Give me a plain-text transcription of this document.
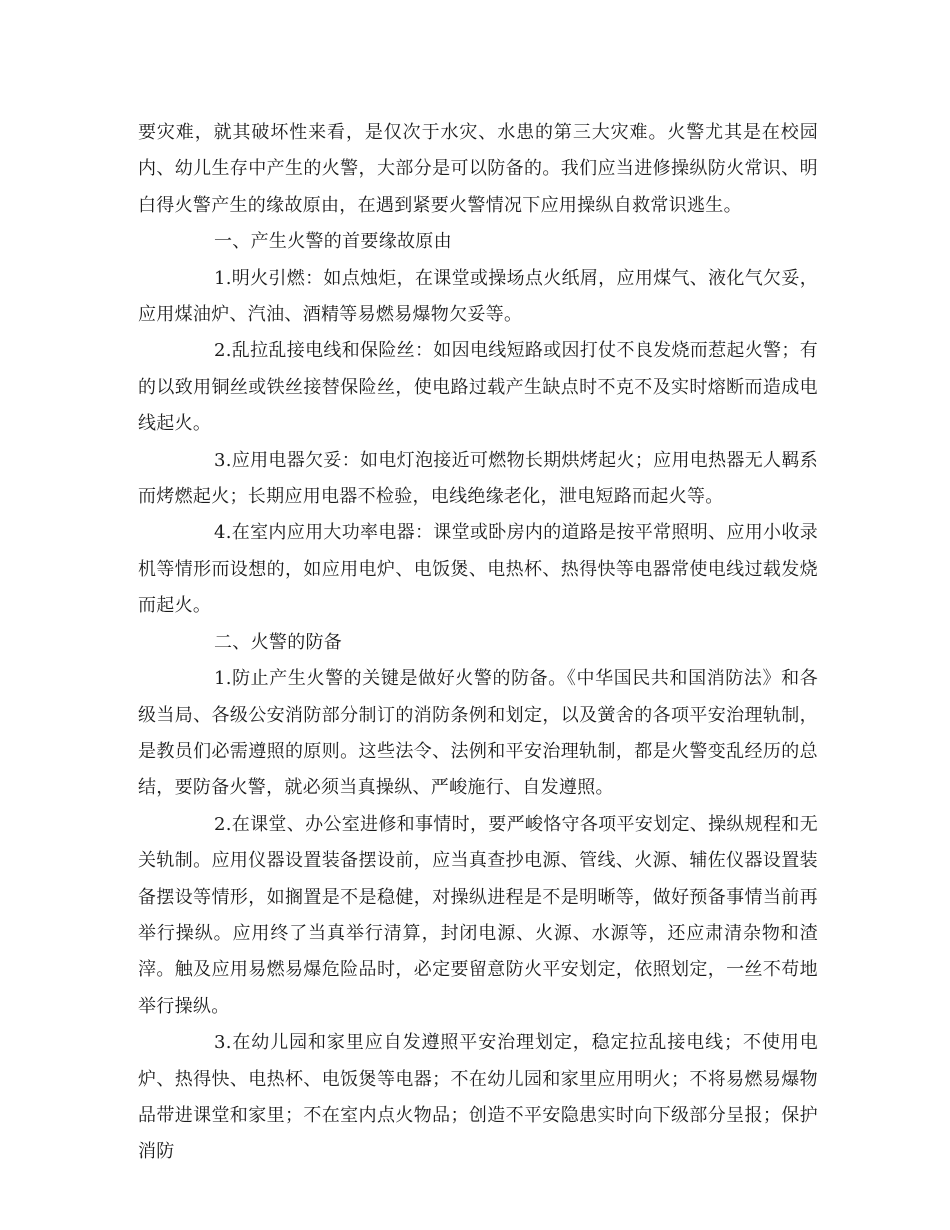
要灾难，就其破坏性来看，是仅次于水灾、水患的第三大灾难。火警尤其是在校园内、幼儿生存中产生的火警，大部分是可以防备的。我们应当进修操纵防火常识、明白得火警产生的缘故原由，在遇到紧要火警情况下应用操纵自救常识逃生。

一、产生火警的首要缘故原由

1.明火引燃：如点烛炬，在课堂或操场点火纸屑，应用煤气、液化气欠妥，应用煤油炉、汽油、酒精等易燃易爆物欠妥等。

2.乱拉乱接电线和保险丝：如因电线短路或因打仗不良发烧而惹起火警；有的以致用铜丝或铁丝接替保险丝，使电路过载产生缺点时不克不及实时熔断而造成电线起火。

3.应用电器欠妥：如电灯泡接近可燃物长期烘烤起火；应用电热器无人羁系而烤燃起火；长期应用电器不检验，电线绝缘老化，泄电短路而起火等。

4.在室内应用大功率电器：课堂或卧房内的道路是按平常照明、应用小收录机等情形而设想的，如应用电炉、电饭煲、电热杯、热得快等电器常使电线过载发烧而起火。

二、火警的防备

1.防止产生火警的关键是做好火警的防备。《中华国民共和国消防法》和各级当局、各级公安消防部分制订的消防条例和划定，以及黉舍的各项平安治理轨制，是教员们必需遵照的原则。这些法令、法例和平安治理轨制，都是火警变乱经历的总结，要防备火警，就必须当真操纵、严峻施行、自发遵照。

2.在课堂、办公室进修和事情时，要严峻恪守各项平安划定、操纵规程和无关轨制。应用仪器设置装备摆设前，应当真查抄电源、管线、火源、辅佐仪器设置装备摆设等情形，如搁置是不是稳健，对操纵进程是不是明晰等，做好预备事情当前再举行操纵。应用终了当真举行清算，封闭电源、火源、水源等，还应肃清杂物和渣滓。触及应用易燃易爆危险品时，必定要留意防火平安划定，依照划定，一丝不苟地举行操纵。

3.在幼儿园和家里应自发遵照平安治理划定，稳定拉乱接电线；不使用电炉、热得快、电热杯、电饭煲等电器；不在幼儿园和家里应用明火；不将易燃易爆物品带进课堂和家里；不在室内点火物品；创造不平安隐患实时向下级部分呈报；保护消防
